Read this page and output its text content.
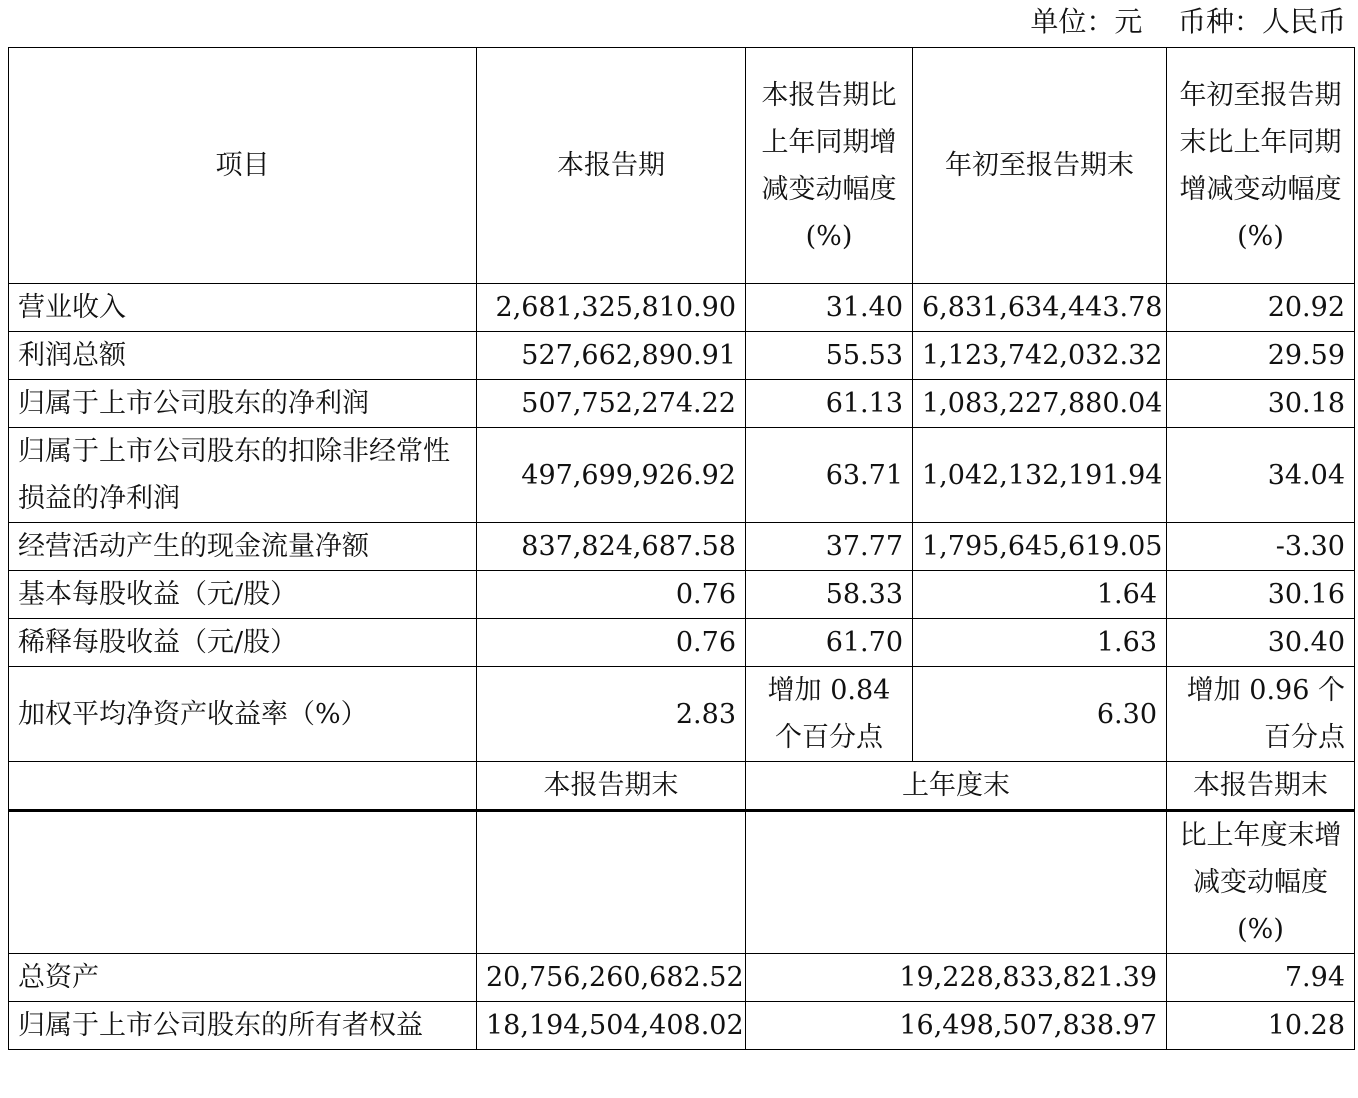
单位：元    币种：人民币
项目	本报告期	本报告期比上年同期增减变动幅度(%)	年初至报告期末	年初至报告期末比上年同期增减变动幅度(%)
营业收入	2,681,325,810.90	31.40	6,831,634,443.78	20.92
利润总额	527,662,890.91	55.53	1,123,742,032.32	29.59
归属于上市公司股东的净利润	507,752,274.22	61.13	1,083,227,880.04	30.18
归属于上市公司股东的扣除非经常性损益的净利润	497,699,926.92	63.71	1,042,132,191.94	34.04
经营活动产生的现金流量净额	837,824,687.58	37.77	1,795,645,619.05	-3.30
基本每股收益（元/股）	0.76	58.33	1.64	30.16
稀释每股收益（元/股）	0.76	61.70	1.63	30.40
加权平均净资产收益率（%）	2.83	增加 0.84 个百分点	6.30	增加 0.96 个百分点
	本报告期末	上年度末		本报告期末
				比上年度末增减变动幅度(%)
总资产	20,756,260,682.52	19,228,833,821.39		7.94
归属于上市公司股东的所有者权益	18,194,504,408.02	16,498,507,838.97		10.28
